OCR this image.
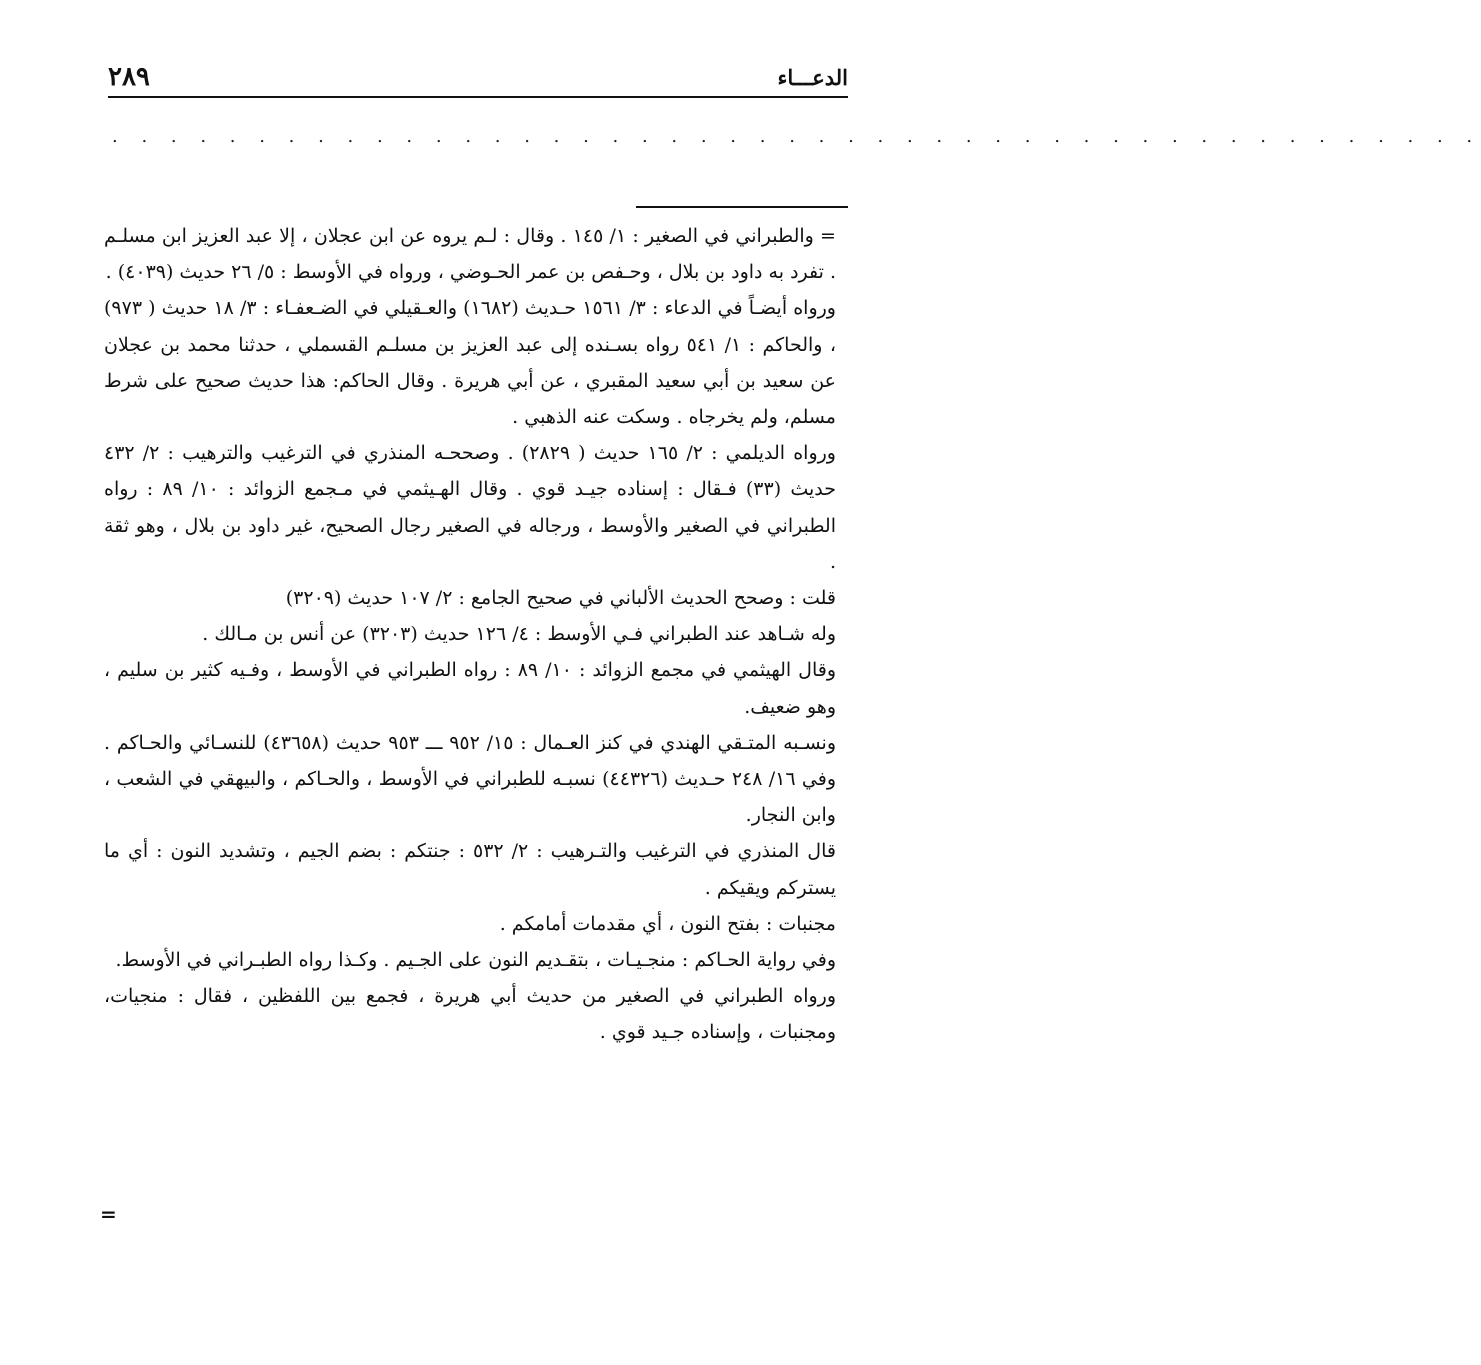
الدعـــاء
٢٨٩
. . . . . . . . . . . . . . . . . . . . . . . . . . . . . . . . . . . . . . . . . . . . . . .

= والطبراني في الصغير : ١/ ١٤٥ . وقال : لـم يروه عن ابن عجلان ، إلا عبد العزيز ابن مسلـم . تفرد به داود بن بلال ، وحـفص بن عمر الحـوضي ، ورواه في الأوسط : ٥/ ٢٦ حديث (٤٠٣٩) .

ورواه أيضـاً في الدعاء : ٣/ ١٥٦١ حـديث (١٦٨٢) والعـقيلي في الضـعفـاء : ٣/ ١٨ حديث ( ٩٧٣) ، والحاكم : ١/ ٥٤١ رواه بسـنده إلى عبد العزيز بن مسلـم القسملي ، حدثنا محمد بن عجلان عن سعيد بن أبي سعيد المقبري ، عن أبي هريرة . وقال الحاكم: هذا حديث صحيح على شرط مسلم، ولم يخرجاه . وسكت عنه الذهبي .

ورواه الديلمي : ٢/ ١٦٥ حديث ( ٢٨٢٩) . وصححـه المنذري في الترغيب والترهيب : ٢/ ٤٣٢ حديث (٣٣) فـقال : إسناده جيـد قوي . وقال الهـيثمي في مـجمع الزوائد : ١٠/ ٨٩ : رواه الطبراني في الصغير والأوسط ، ورجاله في الصغير رجال الصحيح، غير داود بن بلال ، وهو ثقة .

قلت : وصحح الحديث الألباني في صحيح الجامع : ٢/ ١٠٧ حديث (٣٢٠٩)

وله شـاهد عند الطبراني فـي الأوسط : ٤/ ١٢٦ حديث (٣٢٠٣) عن أنس بن مـالك .

وقال الهيثمي في مجمع الزوائد : ١٠/ ٨٩ : رواه الطبراني في الأوسط ، وفـيه كثير بن سليم ، وهو ضعيف.

ونسـبه المتـقي الهندي في كنز العـمال : ١٥/ ٩٥٢ ـــ ٩٥٣ حديث (٤٣٦٥٨) للنسـائي والحـاكم . وفي ١٦/ ٢٤٨ حـديث (٤٤٣٢٦) نسبـه للطبراني في الأوسط ، والحـاكم ، والبيهقي في الشعب ، وابن النجار.

قال المنذري في الترغيب والتـرهيب : ٢/ ٥٣٢ : جنتكم : بضم الجيم ، وتشديد النون : أي ما يستركم ويقيكم .

مجنبات : بفتح النون ، أي مقدمات أمامكم .

وفي رواية الحـاكم : منجـيـات ، بتقـديم النون على الجـيم . وكـذا رواه الطبـراني في الأوسط.

ورواه الطبراني في الصغير من حديث أبي هريرة ، فجمع بين اللفظين ، فقال : منجيات، ومجنبات ، وإسناده جـيد قوي .

=
